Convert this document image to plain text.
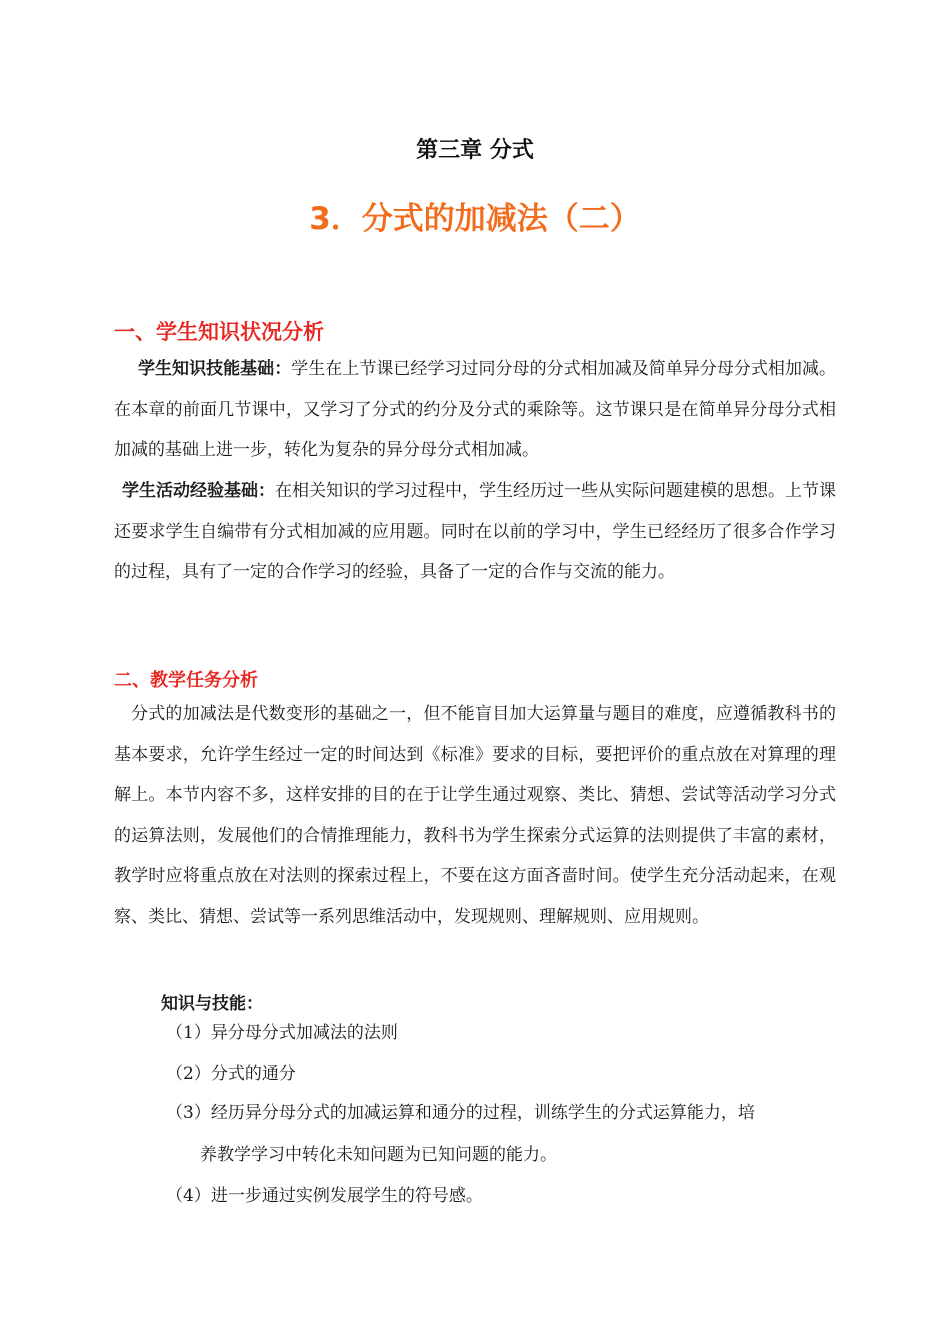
第三章 分式
3．分式的加减法（二）
一、学生知识状况分析
学生知识技能基础：学生在上节课已经学习过同分母的分式相加减及简单异分母分式相加减。在本章的前面几节课中，又学习了分式的约分及分式的乘除等。这节课只是在简单异分母分式相加减的基础上进一步，转化为复杂的异分母分式相加减。
学生活动经验基础：在相关知识的学习过程中，学生经历过一些从实际问题建模的思想。上节课还要求学生自编带有分式相加减的应用题。同时在以前的学习中，学生已经经历了很多合作学习的过程，具有了一定的合作学习的经验，具备了一定的合作与交流的能力。
二、教学任务分析
分式的加减法是代数变形的基础之一，但不能盲目加大运算量与题目的难度，应遵循教科书的基本要求，允许学生经过一定的时间达到《标准》要求的目标，要把评价的重点放在对算理的理解上。本节内容不多，这样安排的目的在于让学生通过观察、类比、猜想、尝试等活动学习分式的运算法则，发展他们的合情推理能力，教科书为学生探索分式运算的法则提供了丰富的素材，教学时应将重点放在对法则的探索过程上，不要在这方面吝啬时间。使学生充分活动起来，在观察、类比、猜想、尝试等一系列思维活动中，发现规则、理解规则、应用规则。
知识与技能：
（1）异分母分式加减法的法则
（2）分式的通分
（3）经历异分母分式的加减运算和通分的过程，训练学生的分式运算能力，培
养教学学习中转化未知问题为已知问题的能力。
（4）进一步通过实例发展学生的符号感。
